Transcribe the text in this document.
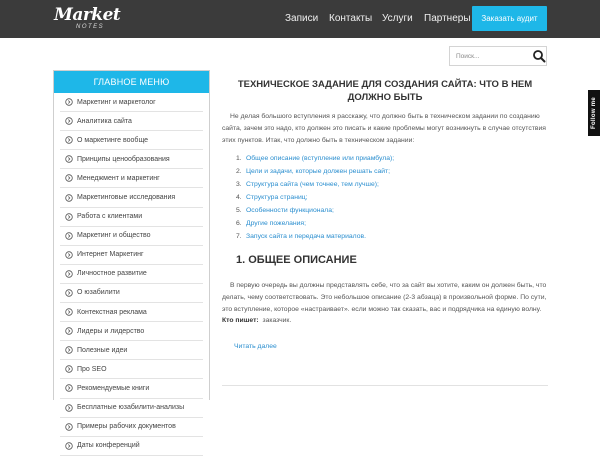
Market
NOTES
Записи Контакты Услуги Партнеры	Заказать аудит
Поиск...
Follow me
ГЛАВНОЕ МЕНЮ
Маркетинг и маркетолог
Аналитика сайта
О маркетинге вообще
Принципы ценообразования
Менеджмент и маркетинг
Маркетинговые исследования
Работа с клиентами
Маркетинг и общество
Интернет Маркетинг
Личностное развитие
О юзабилити
Контекстная реклама
Лидеры и лидерство
Полезные идеи
Про SEO
Рекомендуемые книги
Бесплатные юзабилити-анализы
Примеры рабочих документов
Даты конференций
ТЕХНИЧЕСКОЕ ЗАДАНИЕ ДЛЯ СОЗДАНИЯ САЙТА: ЧТО В НЕМ ДОЛЖНО БЫТЬ

Не делая большого вступления я расскажу, что должно быть в техническом задании по созданию сайта, зачем это надо, кто должен это писать и какие проблемы могут возникнуть в случае отсутствия этих пунктов. Итак, что должно быть в техническом задании:

1. Общее описание (вступление или приамбула);
2. Цели и задачи, которые должен решать сайт;
3. Структура сайта (чем точнее, тем лучше);
4. Структура страниц;
5. Особенности функционала;
6. Другие пожелания;
7. Запуск сайта и передача материалов.
1. ОБЩЕЕ ОПИСАНИЕ

В первую очередь вы должны представлять себе, что за сайт вы хотите, каким он должен быть, что делать, чему соответствовать. Это небольшое описание (2-3 абзаца) в произвольной форме. По сути, это вступление, которое «настраивает». если можно так сказать, вас и подрядчика на единую волну.

Кто пишет: заказчик.

Читать далее
